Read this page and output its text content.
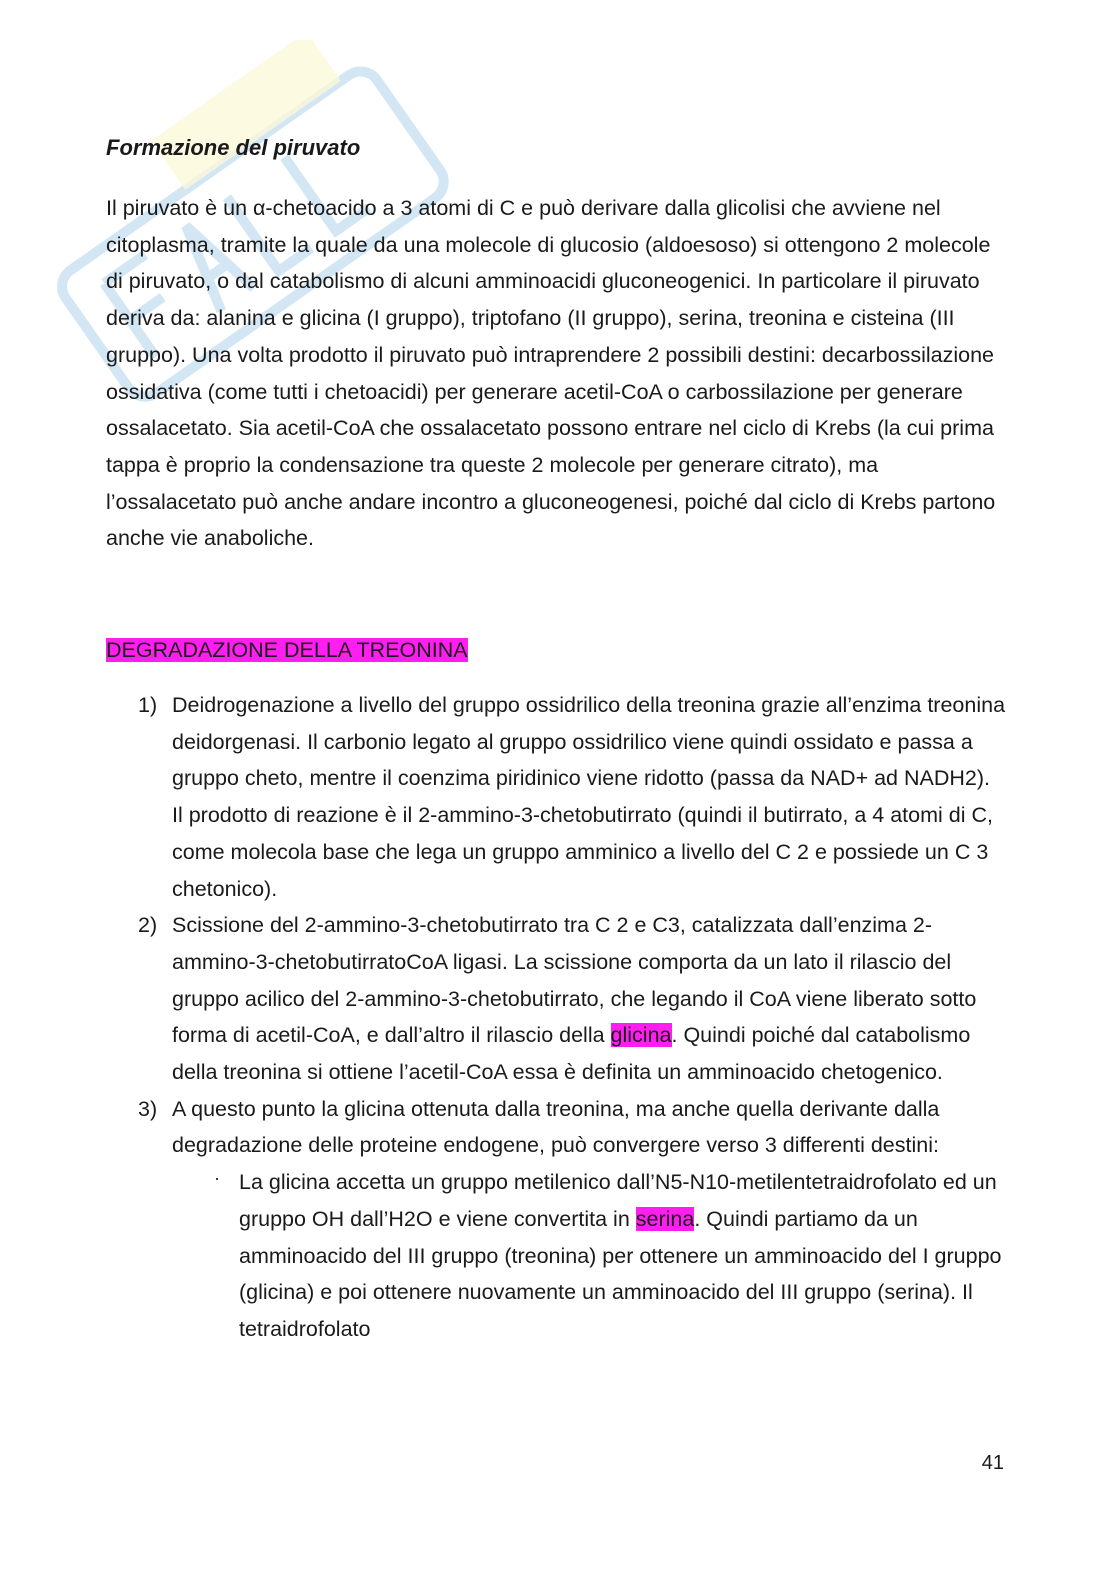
Formazione del piruvato

Il piruvato è un α-chetoacido a 3 atomi di C e può derivare dalla glicolisi che avviene nel citoplasma, tramite la quale da una molecole di glucosio (aldoesoso) si ottengono 2 molecole di piruvato, o dal catabolismo di alcuni amminoacidi gluconeogenici. In particolare il piruvato deriva da: alanina e glicina (I gruppo), triptofano (II gruppo), serina, treonina e cisteina (III gruppo). Una volta prodotto il piruvato può intraprendere 2 possibili destini: decarbossilazione ossidativa (come tutti i chetoacidi) per generare acetil-CoA o carbossilazione per generare ossalacetato. Sia acetil-CoA che ossalacetato possono entrare nel ciclo di Krebs (la cui prima tappa è proprio la condensazione tra queste 2 molecole per generare citrato), ma l’ossalacetato può anche andare incontro a gluconeogenesi, poiché dal ciclo di Krebs partono anche vie anaboliche.

DEGRADAZIONE DELLA TREONINA
1) Deidrogenazione a livello del gruppo ossidrilico della treonina grazie all’enzima treonina deidorgenasi. Il carbonio legato al gruppo ossidrilico viene quindi ossidato e passa a gruppo cheto, mentre il coenzima piridinico viene ridotto (passa da NAD+ ad NADH2). Il prodotto di reazione è il 2-ammino-3-chetobutirrato (quindi il butirrato, a 4 atomi di C, come molecola base che lega un gruppo amminico a livello del C 2 e possiede un C 3 chetonico).
2) Scissione del 2-ammino-3-chetobutirrato tra C 2 e C3, catalizzata dall’enzima 2-ammino-3-chetobutirratoCoA ligasi. La scissione comporta da un lato il rilascio del gruppo acilico del 2-ammino-3-chetobutirrato, che legando il CoA viene liberato sotto forma di acetil-CoA, e dall’altro il rilascio della glicina. Quindi poiché dal catabolismo della treonina si ottiene l’acetil-CoA essa è definita un amminoacido chetogenico.
3) A questo punto la glicina ottenuta dalla treonina, ma anche quella derivante dalla degradazione delle proteine endogene, può convergere verso 3 differenti destini:
· La glicina accetta un gruppo metilenico dall’N5-N10-metilentetraidrofolato ed un gruppo OH dall’H2O e viene convertita in serina. Quindi partiamo da un amminoacido del III gruppo (treonina) per ottenere un amminoacido del I gruppo (glicina) e poi ottenere nuovamente un amminoacido del III gruppo (serina). Il tetraidrofolato
41
